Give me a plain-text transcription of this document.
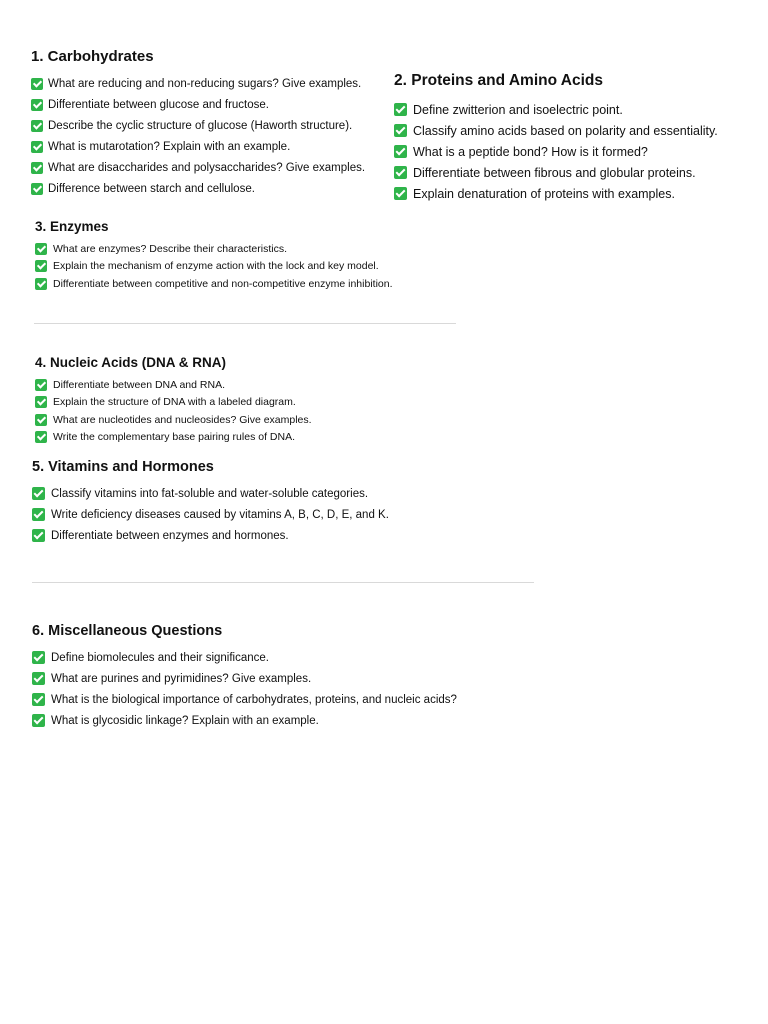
1. Carbohydrates
What are reducing and non-reducing sugars? Give examples.
Differentiate between glucose and fructose.
Describe the cyclic structure of glucose (Haworth structure).
What is mutarotation? Explain with an example.
What are disaccharides and polysaccharides? Give examples.
Difference between starch and cellulose.
2. Proteins and Amino Acids
Define zwitterion and isoelectric point.
Classify amino acids based on polarity and essentiality.
What is a peptide bond? How is it formed?
Differentiate between fibrous and globular proteins.
Explain denaturation of proteins with examples.
3. Enzymes
What are enzymes? Describe their characteristics.
Explain the mechanism of enzyme action with the lock and key model.
Differentiate between competitive and non-competitive enzyme inhibition.
4. Nucleic Acids (DNA & RNA)
Differentiate between DNA and RNA.
Explain the structure of DNA with a labeled diagram.
What are nucleotides and nucleosides? Give examples.
Write the complementary base pairing rules of DNA.
5. Vitamins and Hormones
Classify vitamins into fat-soluble and water-soluble categories.
Write deficiency diseases caused by vitamins A, B, C, D, E, and K.
Differentiate between enzymes and hormones.
6. Miscellaneous Questions
Define biomolecules and their significance.
What are purines and pyrimidines? Give examples.
What is the biological importance of carbohydrates, proteins, and nucleic acids?
What is glycosidic linkage? Explain with an example.
